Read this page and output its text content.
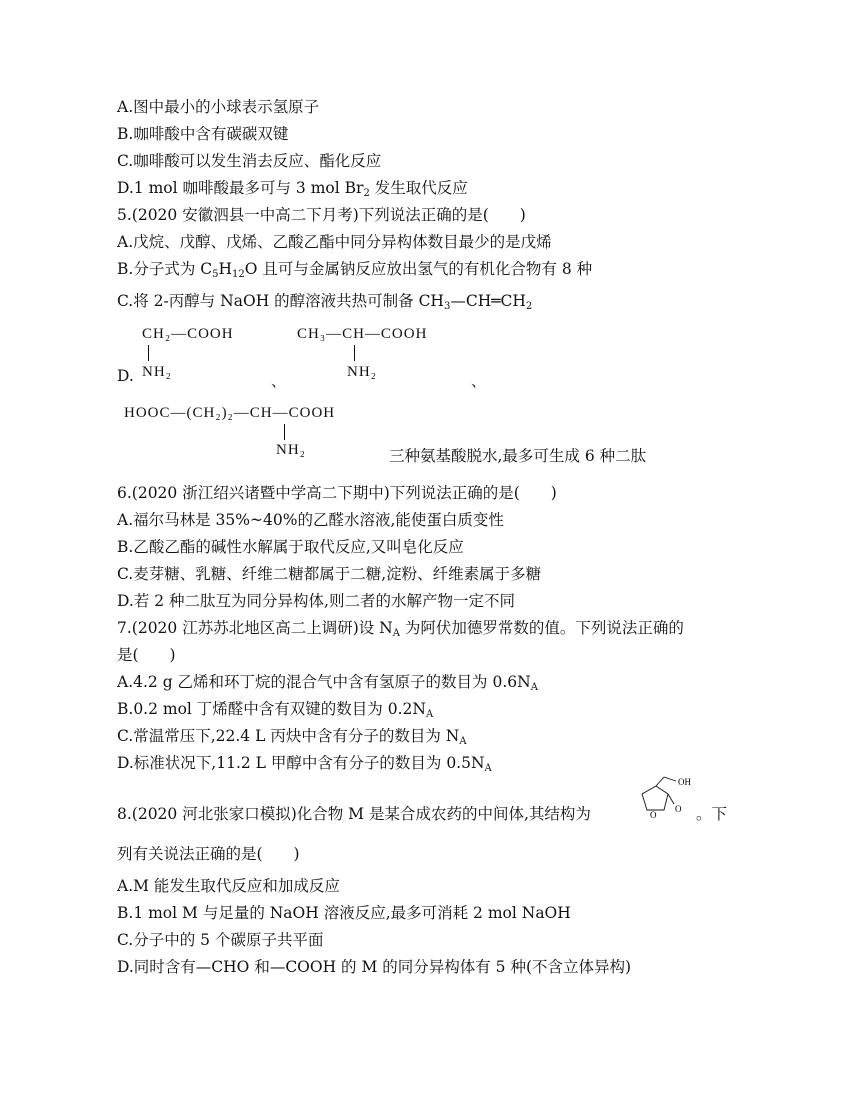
A.图中最小的小球表示氢原子
B.咖啡酸中含有碳碳双键
C.咖啡酸可以发生消去反应、酯化反应
D.1 mol 咖啡酸最多可与 3 mol $Br_2$ 发生取代反应
5.(2020 安徽泗县一中高二下月考)下列说法正确的是(　　)
A.戊烷、戊醇、戊烯、乙酸乙酯中同分异构体数目最少的是戊烯
B.分子式为 $C_5H_{12}O$ 且可与金属钠反应放出氢气的有机化合物有 8 种
C.将 2-丙醇与 NaOH 的醇溶液共热可制备 $CH_3—CH═CH_2$
CH₂—COOH
NH₂
D.	、
CH₃—CH—COOH
NH₂	、
HOOC—(CH₂)₂—CH—COOH
NH₂	三种氨基酸脱水,最多可生成 6 种二肽
6.(2020 浙江绍兴诸暨中学高二下期中)下列说法正确的是(　　)
A.福尔马林是 35%~40%的乙醛水溶液,能使蛋白质变性
B.乙酸乙酯的碱性水解属于取代反应,又叫皂化反应
C.麦芽糖、乳糖、纤维二糖都属于二糖,淀粉、纤维素属于多糖
D.若 2 种二肽互为同分异构体,则二者的水解产物一定不同
7.(2020 江苏苏北地区高二上调研)设 $N_A$ 为阿伏加德罗常数的值。下列说法正确的
是(　　)
A.4.2 g 乙烯和环丁烷的混合气中含有氢原子的数目为 $0.6N_A$
B.0.2 mol 丁烯醛中含有双键的数目为 $0.2N_A$
C.常温常压下,22.4 L 丙炔中含有分子的数目为 $N_A$
D.标准状况下,11.2 L 甲醇中含有分子的数目为 $0.5N_A$
8.(2020 河北张家口模拟)化合物 M 是某合成农药的中间体,其结构为
OH
O
O 。下
列有关说法正确的是(　　)
A.M 能发生取代反应和加成反应
B.1 mol M 与足量的 NaOH 溶液反应,最多可消耗 2 mol NaOH
C.分子中的 5 个碳原子共平面
D.同时含有—CHO 和—COOH 的 M 的同分异构体有 5 种(不含立体异构)
